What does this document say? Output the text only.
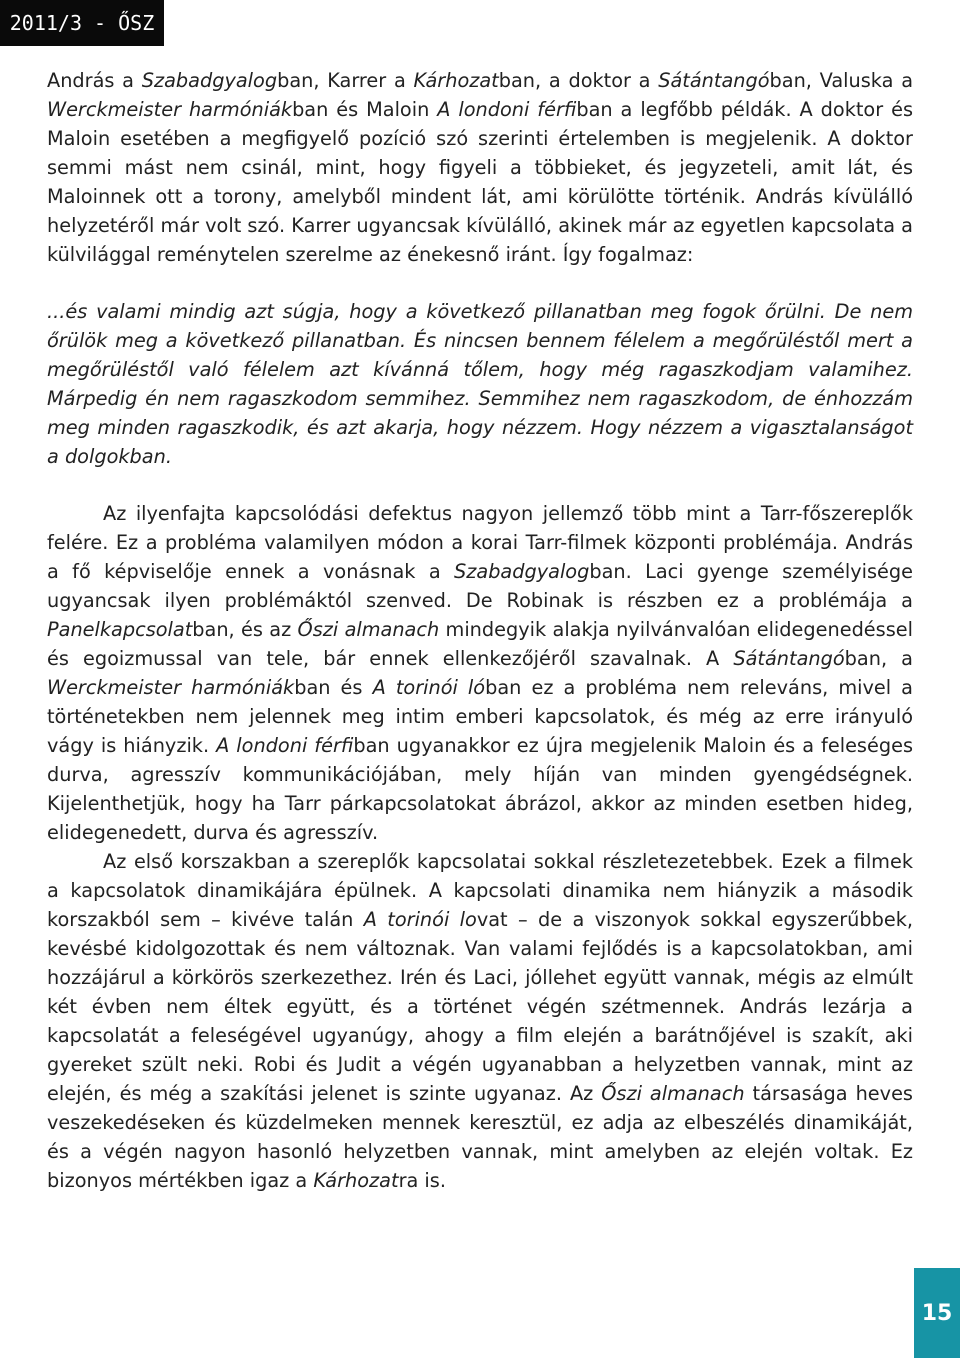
2011/3 - ŐSZ

András a Szabadgyalogban, Karrer a Kárhozatban, a doktor a Sátántangóban, Valuska a Werckmeister harmóniákban és Maloin A londoni férfiban a legfőbb példák. A doktor és Maloin esetében a megfigyelő pozíció szó szerinti értelemben is megjelenik. A doktor semmi mást nem csinál, mint, hogy figyeli a többieket, és jegyzeteli, amit lát, és Maloinnek ott a torony, amelyből mindent lát, ami körülötte történik. András kívülálló helyzetéről már volt szó. Karrer ugyancsak kívülálló, akinek már az egyetlen kapcsolata a külvilággal reménytelen szerelme az énekesnő iránt. Így fogalmaz:

...és valami mindig azt súgja, hogy a következő pillanatban meg fogok őrülni. De nem őrülök meg a következő pillanatban. És nincsen bennem félelem a megőrüléstől mert a megőrüléstől való félelem azt kívánná tőlem, hogy még ragaszkodjam valamihez. Márpedig én nem ragaszkodom semmihez. Semmihez nem ragaszkodom, de énhozzám meg minden ragaszkodik, és azt akarja, hogy nézzem. Hogy nézzem a vigasztalanságot a dolgokban.

Az ilyenfajta kapcsolódási defektus nagyon jellemző több mint a Tarr-főszereplők felére. Ez a probléma valamilyen módon a korai Tarr-filmek központi problémája. András a fő képviselője ennek a vonásnak a Szabadgyalogban. Laci gyenge személyisége ugyancsak ilyen problémáktól szenved. De Robinak is részben ez a problémája a Panelkapcsolatban, és az Őszi almanach mindegyik alakja nyilvánvalóan elidegenedéssel és egoizmussal van tele, bár ennek ellenkezőjéről szavalnak. A Sátántangóban, a Werckmeister harmóniákban és A torinói lóban ez a probléma nem releváns, mivel a történetekben nem jelennek meg intim emberi kapcsolatok, és még az erre irányuló vágy is hiányzik. A londoni férfiban ugyanakkor ez újra megjelenik Maloin és a feleséges durva, agresszív kommunikációjában, mely híján van minden gyengédségnek. Kijelenthetjük, hogy ha Tarr párkapcsolatokat ábrázol, akkor az minden esetben hideg, elidegenedett, durva és agresszív.

Az első korszakban a szereplők kapcsolatai sokkal részletezetebbek. Ezek a filmek a kapcsolatok dinamikájára épülnek. A kapcsolati dinamika nem hiányzik a második korszakból sem – kivéve talán A torinói lovat – de a viszonyok sokkal egyszerűbbek, kevésbé kidolgozottak és nem változnak. Van valami fejlődés is a kapcsolatokban, ami hozzájárul a körkörös szerkezethez. Irén és Laci, jóllehet együtt vannak, mégis az elmúlt két évben nem éltek együtt, és a történet végén szétmennek. András lezárja a kapcsolatát a feleségével ugyanúgy, ahogy a film elején a barátnőjével is szakít, aki gyereket szült neki. Robi és Judit a végén ugyanabban a helyzetben vannak, mint az elején, és még a szakítási jelenet is szinte ugyanaz. Az Őszi almanach társasága heves veszekedéseken és küzdelmeken mennek keresztül, ez adja az elbeszélés dinamikáját, és a végén nagyon hasonló helyzetben vannak, mint amelyben az elején voltak. Ez bizonyos mértékben igaz a Kárhozatra is.

15
